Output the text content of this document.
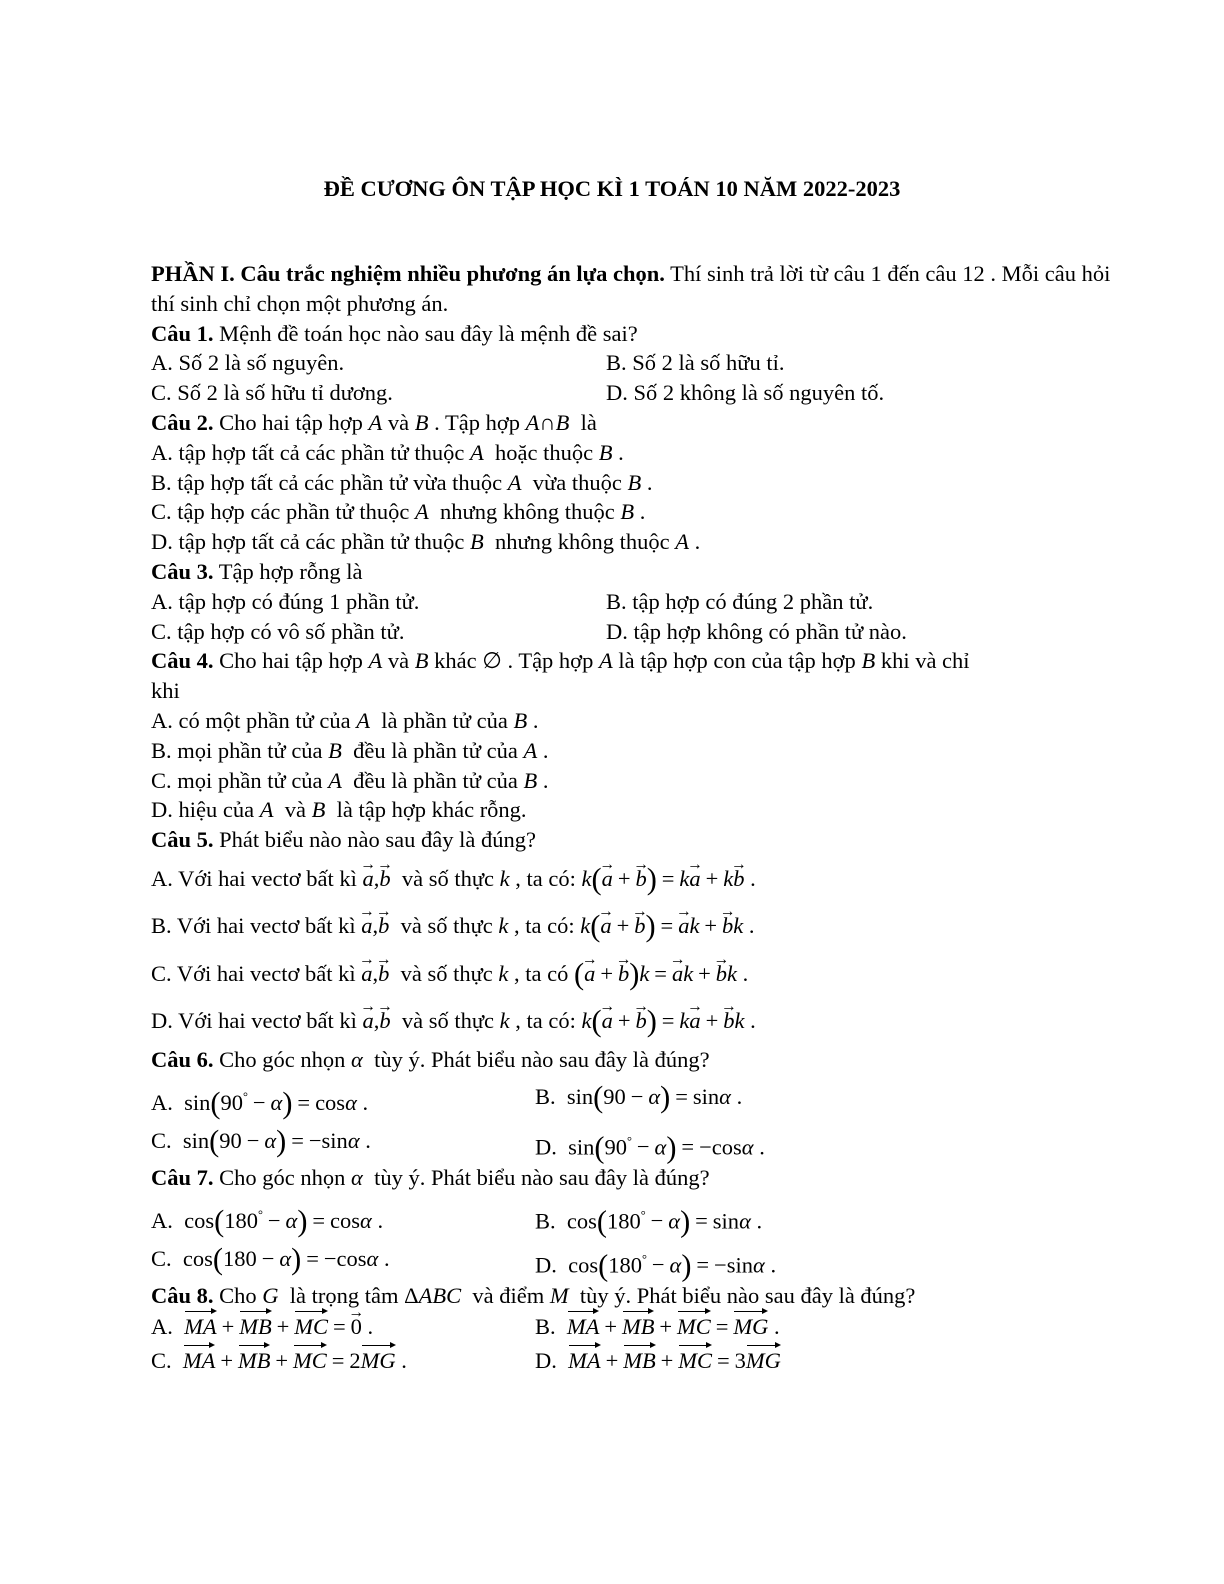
ĐỀ CƯƠNG ÔN TẬP HỌC KÌ 1 TOÁN 10 NĂM 2022-2023
PHẦN I. Câu trắc nghiệm nhiều phương án lựa chọn. Thí sinh trả lời từ câu 1 đến câu 12 . Mỗi câu hỏi thí sinh chỉ chọn một phương án.
Câu 1. Mệnh đề toán học nào sau đây là mệnh đề sai?
A. Số 2 là số nguyên.	B. Số 2 là số hữu tỉ.
C. Số 2 là số hữu tỉ dương.	D. Số 2 không là số nguyên tố.
Câu 2. Cho hai tập hợp A và B . Tập hợp A∩B  là
A. tập hợp tất cả các phần tử thuộc A hoặc thuộc B .
B. tập hợp tất cả các phần tử vừa thuộc A vừa thuộc B .
C. tập hợp các phần tử thuộc A nhưng không thuộc B .
D. tập hợp tất cả các phần tử thuộc B nhưng không thuộc A .
Câu 3. Tập hợp rỗng là
A. tập hợp có đúng 1 phần tử.	B. tập hợp có đúng 2 phần tử.
C. tập hợp có vô số phần tử.	D. tập hợp không có phần tử nào.
Câu 4. Cho hai tập hợp A và B khác ∅ . Tập hợp A là tập hợp con của tập hợp B khi và chỉ
khi
A. có một phần tử của A là phần tử của B .
B. mọi phần tử của B đều là phần tử của A .
C. mọi phần tử của A đều là phần tử của B .
D. hiệu của A  và B là tập hợp khác rỗng.
Câu 5. Phát biểu nào nào sau đây là đúng?
A. Với hai vectơ bất kì a →,b → và số thực k , ta có: k(a → + b →) = ka → + kb → .
B. Với hai vectơ bất kì a →,b → và số thực k , ta có: k(a → + b →) = a →k + b →k .
C. Với hai vectơ bất kì a →,b → và số thực k , ta có (a → + b →)k = a →k + b →k .
D. Với hai vectơ bất kì a →,b → và số thực k , ta có: k(a → + b →) = ka → + b →k .
Câu 6. Cho góc nhọn α tùy ý. Phát biểu nào sau đây là đúng?
A.  sin(90° − α) = cosα .	B.  sin(90 − α) = sinα .
C.  sin(90 − α) = −sinα .	D.  sin(90° − α) = −cosα .
Câu 7. Cho góc nhọn α tùy ý. Phát biểu nào sau đây là đúng?
A.  cos(180° − α) = cosα .	B.  cos(180° − α) = sinα .
C.  cos(180 − α) = −cosα .	D.  cos(180° − α) = −sinα .
Câu 8. Cho G là trọng tâm ΔABC và điểm M tùy ý. Phát biểu nào sau đây là đúng?
A.  MA + MB + MC = 0 → .	B.  MA + MB + MC = MG .
C.  MA + MB + MC = 2MG .	D.  MA + MB + MC = 3MG
